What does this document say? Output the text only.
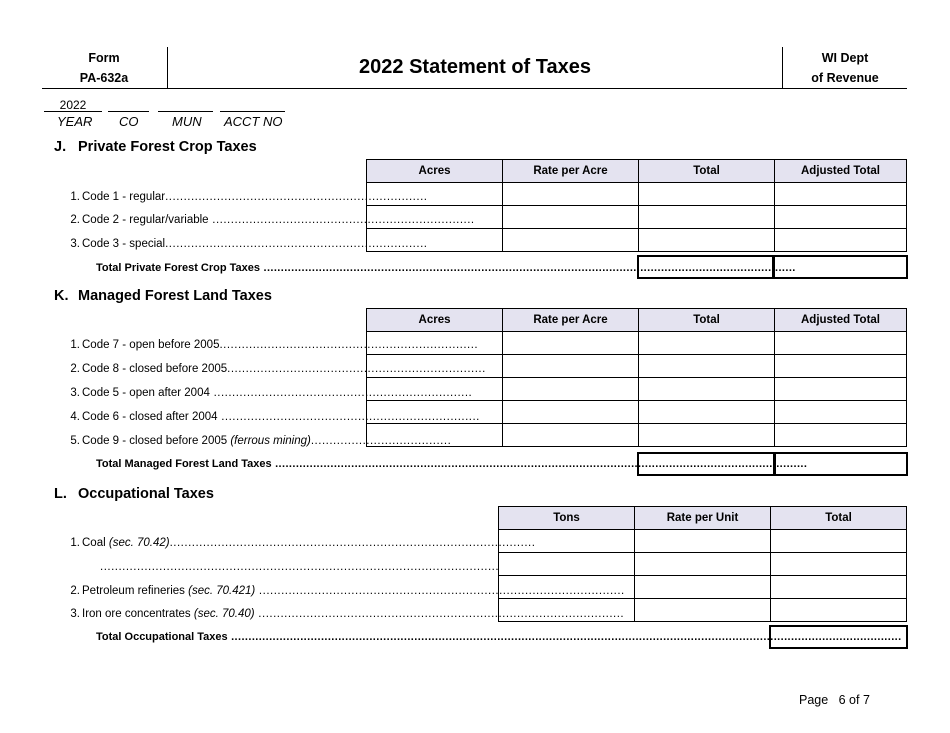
Form
PA-632a	2022 Statement of Taxes	WI Dept
of Revenue
2022
YEAR CO	MUN ACCT NO
J. Private Forest Crop Taxes
Acres	Rate per Acre	Total	Adjusted Total

1. Code 1 - regular.......................................................................
2. Code 2 - regular/variable .......................................................................
3. Code 3 - special.......................................................................
Total Private Forest Crop Taxes ..........................................................................................................................................................
K. Managed Forest Land Taxes
Acres	Rate per Acre	Total	Adjusted Total

1. Code 7 - open before 2005......................................................................
2. Code 8 - closed before 2005......................................................................
3. Code 5 - open after 2004 ......................................................................
4. Code 6 - closed after 2004 ......................................................................
5. Code 9 - closed before 2005 (ferrous mining)......................................
Total Managed Forest Land Taxes ..........................................................................................................................................................
L. Occupational Taxes
Tons	Rate per Unit	Total

1. Coal (sec. 70.42)...................................................................................................
............................................................................................................
2. Petroleum refineries (sec. 70.421) ...................................................................................................
3. Iron ore concentrates (sec. 70.40) ...................................................................................................
Total Occupational Taxes ..................................................................................................................................................................................................
Page 6 of 7
